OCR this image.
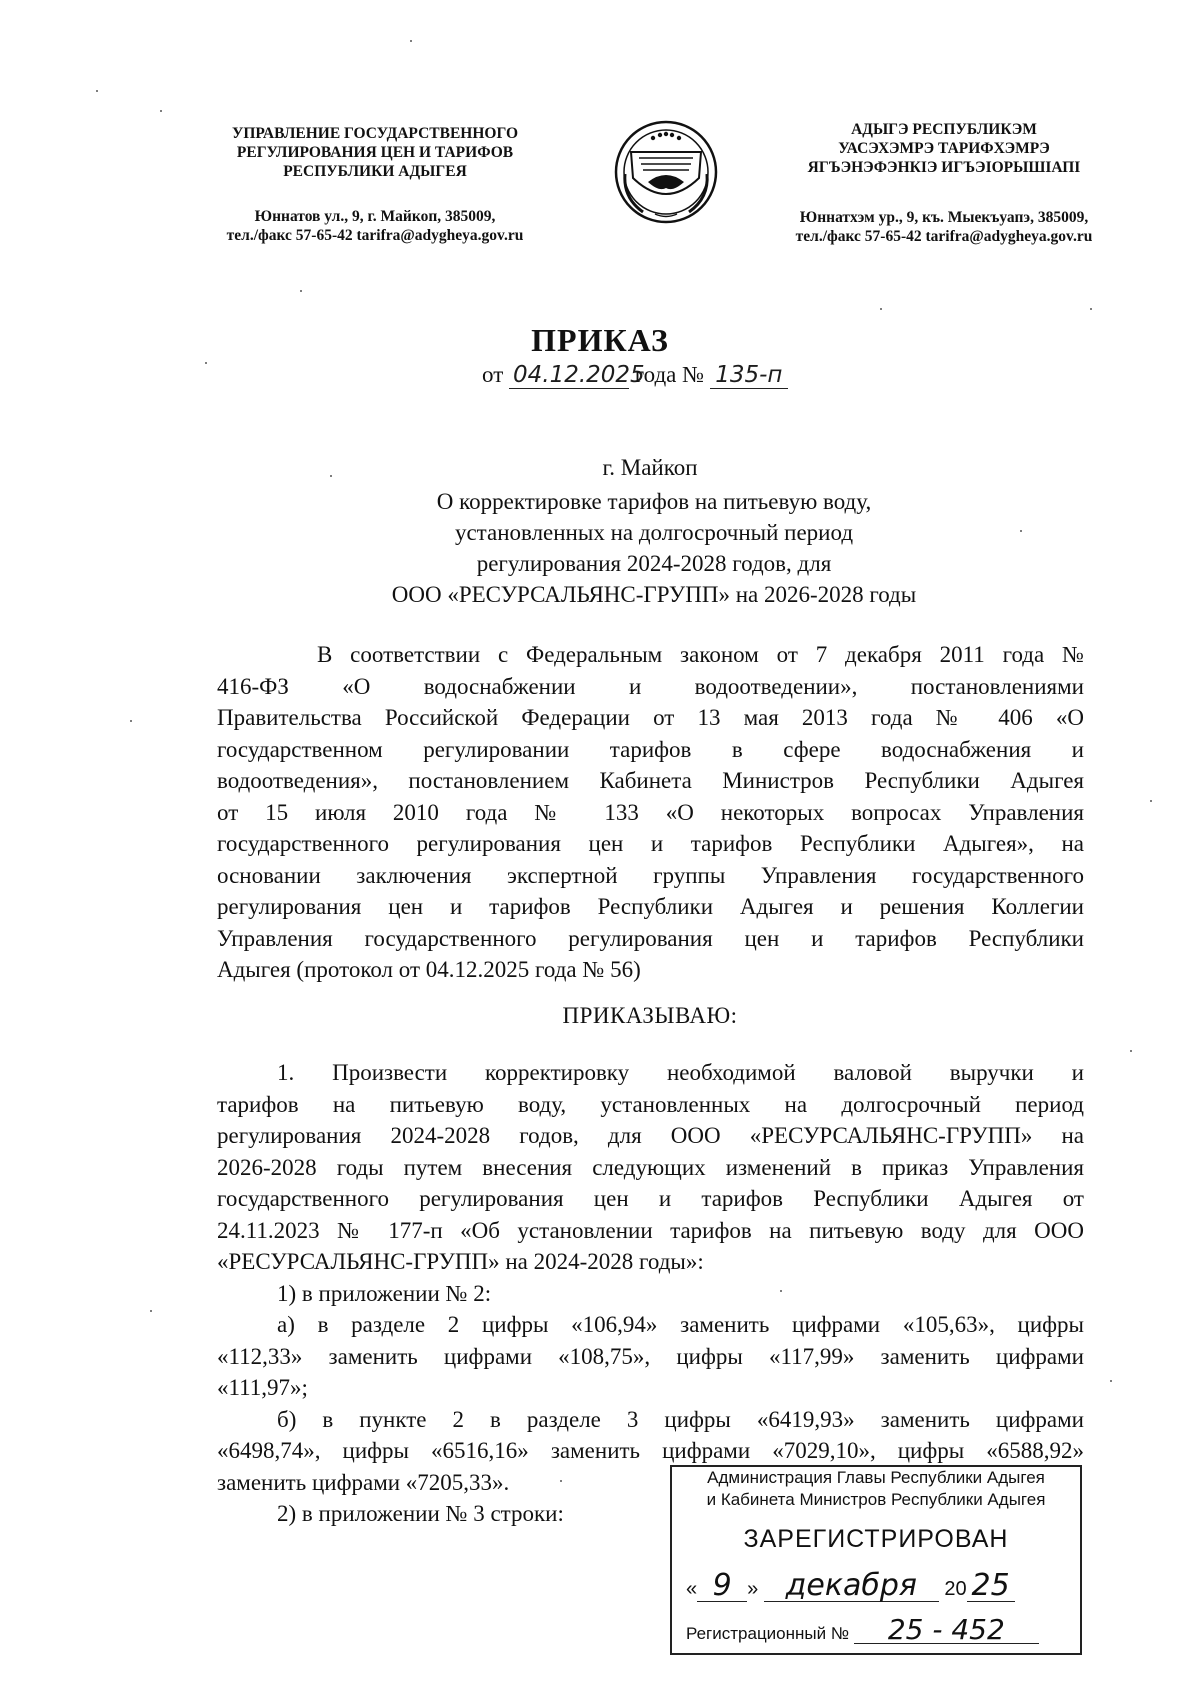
УПРАВЛЕНИЕ ГОСУДАРСТВЕННОГО
РЕГУЛИРОВАНИЯ ЦЕН И ТАРИФОВ
РЕСПУБЛИКИ АДЫГЕЯ
Юннатов ул., 9, г. Майкоп, 385009,
тел./факс 57-65-42 tarifra@adygheya.gov.ru
АДЫГЭ РЕСПУБЛИКЭМ
УАСЭХЭМРЭ ТАРИФХЭМРЭ
ЯГЪЭНЭФЭНКІЭ ИГЪЭІОРЫШІАПІ
Юннатхэм ур., 9, къ. Мыекъуапэ, 385009,
тел./факс 57-65-42 tarifra@adygheya.gov.ru
ПРИКАЗ
от 04.12.2025 года № 135-п
г. Майкоп
О корректировке тарифов на питьевую воду,
установленных на долгосрочный период
регулирования 2024-2028 годов, для
ООО «РЕСУРСАЛЬЯНС-ГРУПП» на 2026-2028 годы
В соответствии с Федеральным законом от 7 декабря 2011 года №
416-ФЗ «О водоснабжении и водоотведении», постановлениями
Правительства Российской Федерации от 13 мая 2013 года № 406 «О
государственном регулировании тарифов в сфере водоснабжения и
водоотведения», постановлением Кабинета Министров Республики Адыгея
от 15 июля 2010 года № 133 «О некоторых вопросах Управления
государственного регулирования цен и тарифов Республики Адыгея», на
основании заключения экспертной группы Управления государственного
регулирования цен и тарифов Республики Адыгея и решения Коллегии
Управления государственного регулирования цен и тарифов Республики
Адыгея (протокол от 04.12.2025 года № 56)
ПРИКАЗЫВАЮ:
1. Произвести корректировку необходимой валовой выручки и
тарифов на питьевую воду, установленных на долгосрочный период
регулирования 2024-2028 годов, для ООО «РЕСУРСАЛЬЯНС-ГРУПП» на
2026-2028 годы путем внесения следующих изменений в приказ Управления
государственного регулирования цен и тарифов Республики Адыгея от
24.11.2023 № 177-п «Об установлении тарифов на питьевую воду для ООО
«РЕСУРСАЛЬЯНС-ГРУПП» на 2024-2028 годы»:
1) в приложении № 2:
а) в разделе 2 цифры «106,94» заменить цифрами «105,63», цифры
«112,33» заменить цифрами «108,75», цифры «117,99» заменить цифрами
«111,97»;
б) в пункте 2 в разделе 3 цифры «6419,93» заменить цифрами
«6498,74», цифры «6516,16» заменить цифрами «7029,10», цифры «6588,92»
заменить цифрами «7205,33».
2) в приложении № 3 строки:
Администрация Главы Республики Адыгея
и Кабинета Министров Республики Адыгея
ЗАРЕГИСТРИРОВАН
« 9 » декабря 20 25
Регистрационный № 25 - 452
